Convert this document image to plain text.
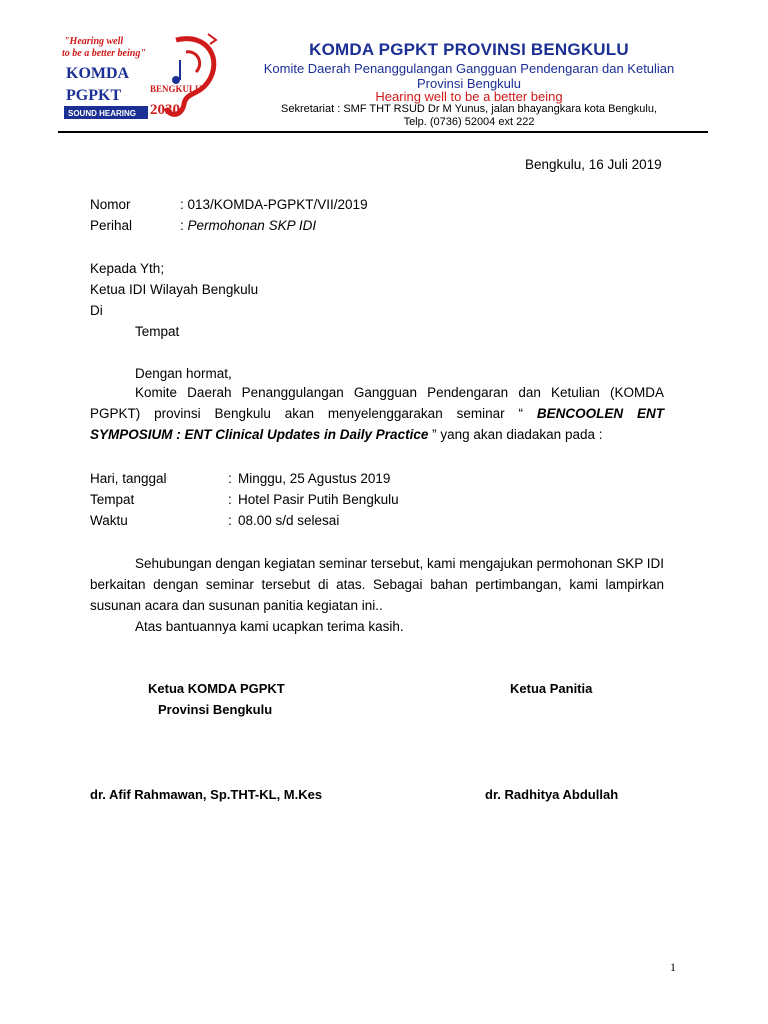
"Hearing well
to be a better being"
KOMDA
PGPKT
SOUND HEARING
BENGKULU
2030
KOMDA PGPKT PROVINSI BENGKULU
Komite Daerah Penanggulangan Gangguan Pendengaran dan Ketulian
Provinsi Bengkulu
Hearing well to be a better being
Sekretariat : SMF THT RSUD Dr M Yunus, jalan bhayangkara kota Bengkulu,
Telp. (0736) 52004 ext 222
Bengkulu, 16 Juli 2019
Nomor	: 013/KOMDA-PGPKT/VII/2019
Perihal	: Permohonan SKP IDI
Kepada Yth;
Ketua IDI Wilayah Bengkulu
Di
Tempat
Dengan hormat,
Komite Daerah Penanggulangan Gangguan Pendengaran dan Ketulian (KOMDA PGPKT) provinsi Bengkulu akan menyelenggarakan seminar “ BENCOOLEN ENT SYMPOSIUM : ENT Clinical Updates in Daily Practice ” yang akan diadakan pada :
Hari, tanggal	: Minggu, 25 Agustus 2019
Tempat	: Hotel Pasir Putih Bengkulu
Waktu	: 08.00 s/d selesai
Sehubungan dengan kegiatan seminar tersebut, kami mengajukan permohonan SKP IDI berkaitan dengan seminar tersebut di atas. Sebagai bahan pertimbangan, kami lampirkan susunan acara dan susunan panitia kegiatan ini..
Atas bantuannya kami ucapkan terima kasih.
Ketua KOMDA PGPKT
Provinsi Bengkulu
Ketua Panitia
dr. Afif Rahmawan, Sp.THT-KL, M.Kes	dr. Radhitya Abdullah
1
